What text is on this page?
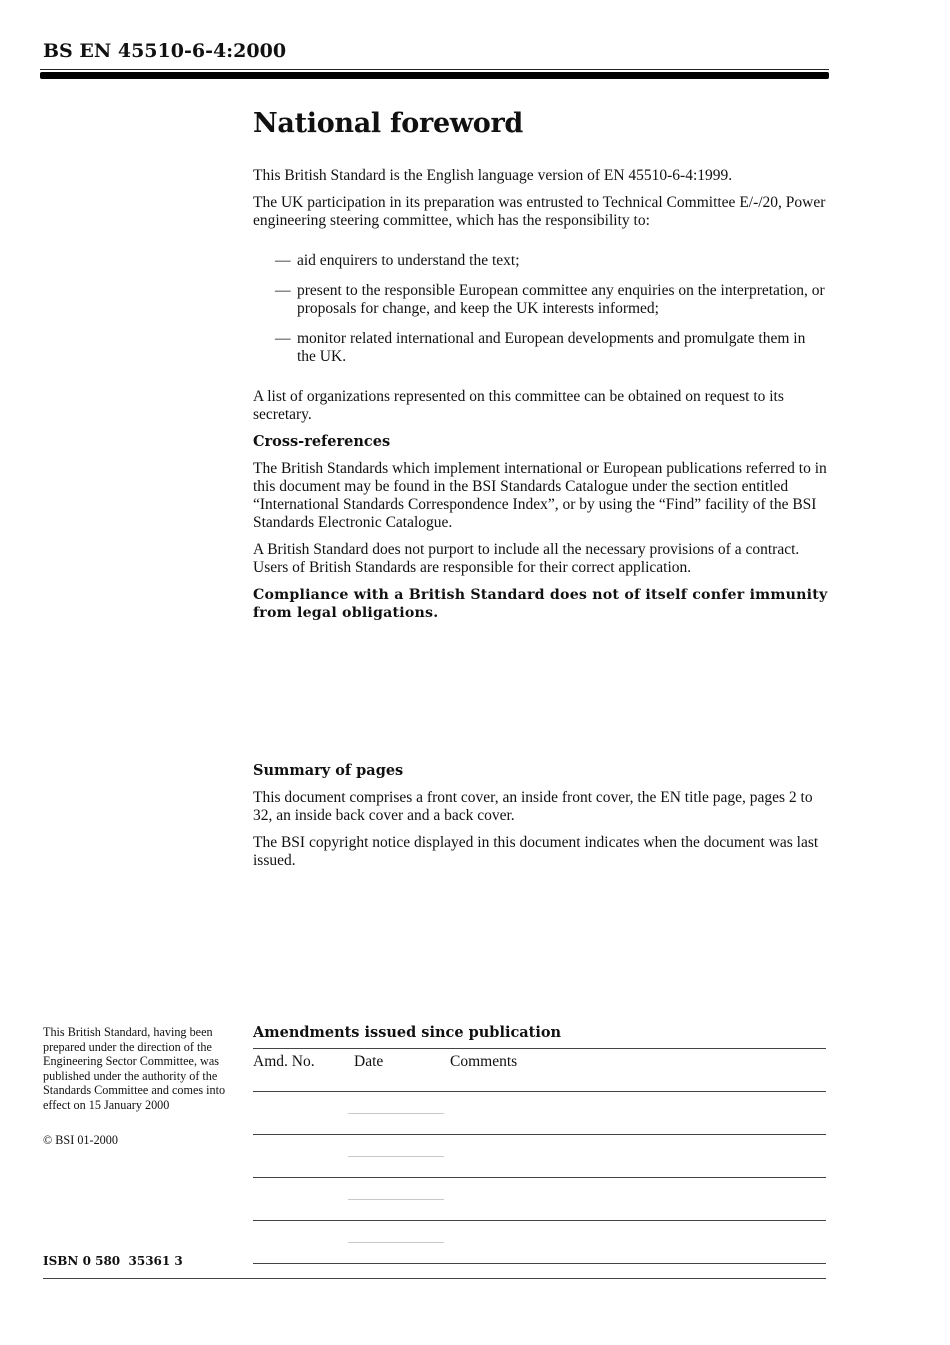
BS EN 45510-6-4:2000
National foreword

This British Standard is the English language version of EN 45510-6-4:1999.

The UK participation in its preparation was entrusted to Technical Committee E/-/20, Power engineering steering committee, which has the responsibility to:

— aid enquirers to understand the text;
— present to the responsible European committee any enquiries on the interpretation, or proposals for change, and keep the UK interests informed;
— monitor related international and European developments and promulgate them in the UK.

A list of organizations represented on this committee can be obtained on request to its secretary.

Cross-references

The British Standards which implement international or European publications referred to in this document may be found in the BSI Standards Catalogue under the section entitled “International Standards Correspondence Index”, or by using the “Find” facility of the BSI Standards Electronic Catalogue.

A British Standard does not purport to include all the necessary provisions of a contract. Users of British Standards are responsible for their correct application.

Compliance with a British Standard does not of itself confer immunity from legal obligations.

Summary of pages

This document comprises a front cover, an inside front cover, the EN title page, pages 2 to 32, an inside back cover and a back cover.

The BSI copyright notice displayed in this document indicates when the document was last issued.

This British Standard, having been prepared under the direction of the Engineering Sector Committee, was published under the authority of the Standards Committee and comes into effect on 15 January 2000
© BSI 01-2000
ISBN 0 580  35361 3

Amendments issued since publication

Amd. No.	Date	Comments
